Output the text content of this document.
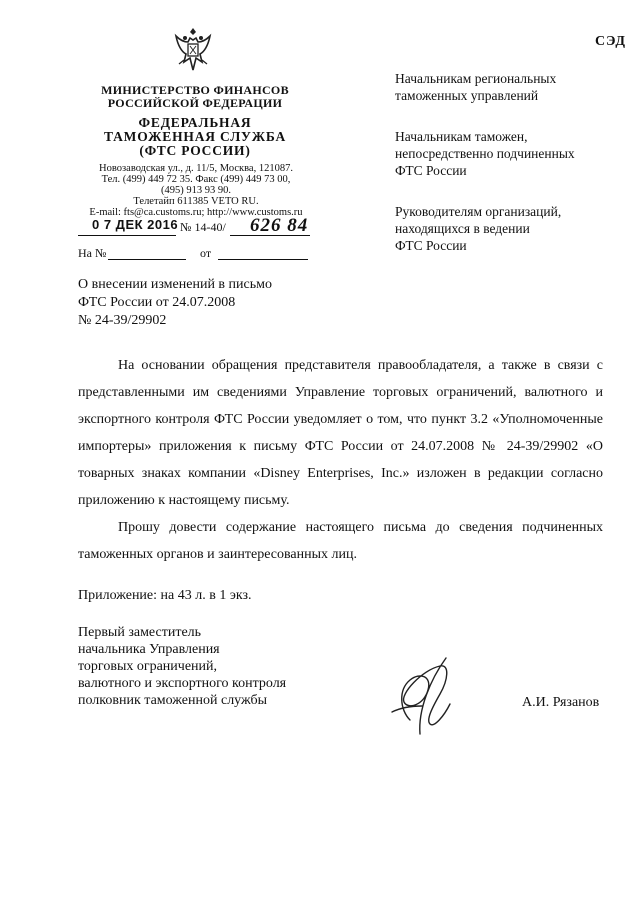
СЭД
МИНИСТЕРСТВО ФИНАНСОВ
РОССИЙСКОЙ ФЕДЕРАЦИИ
ФЕДЕРАЛЬНАЯ
ТАМОЖЕННАЯ СЛУЖБА
(ФТС РОССИИ)
Новозаводская ул., д. 11/5, Москва, 121087.
Тел. (499) 449 72 35. Факс (499) 449 73 00,
(495) 913 93 90.
Телетайп 611385 VETO RU.
E-mail: fts@ca.customs.ru; http://www.customs.ru
0 7 ДЕК 2016 № 14-40/ 626 84
На №	от
Начальникам региональных
таможенных управлений
Начальникам таможен,
непосредственно подчиненных
ФТС России
Руководителям организаций,
находящихся в ведении
ФТС России
О внесении изменений в письмо
ФТС России от 24.07.2008
№ 24-39/29902

На основании обращения представителя правообладателя, а также в связи с представленными им сведениями Управление торговых ограничений, валютного и экспортного контроля ФТС России уведомляет о том, что пункт 3.2 «Уполномоченные импортеры» приложения к письму ФТС России от 24.07.2008 № 24-39/29902 «О товарных знаках компании «Disney Enterprises, Inc.» изложен в редакции согласно приложению к настоящему письму.

Прошу довести содержание настоящего письма до сведения подчиненных таможенных органов и заинтересованных лиц.

Приложение: на 43 л. в 1 экз.
Первый заместитель
начальника Управления
торговых ограничений,
валютного и экспортного контроля
полковник таможенной службы	А.И. Рязанов
